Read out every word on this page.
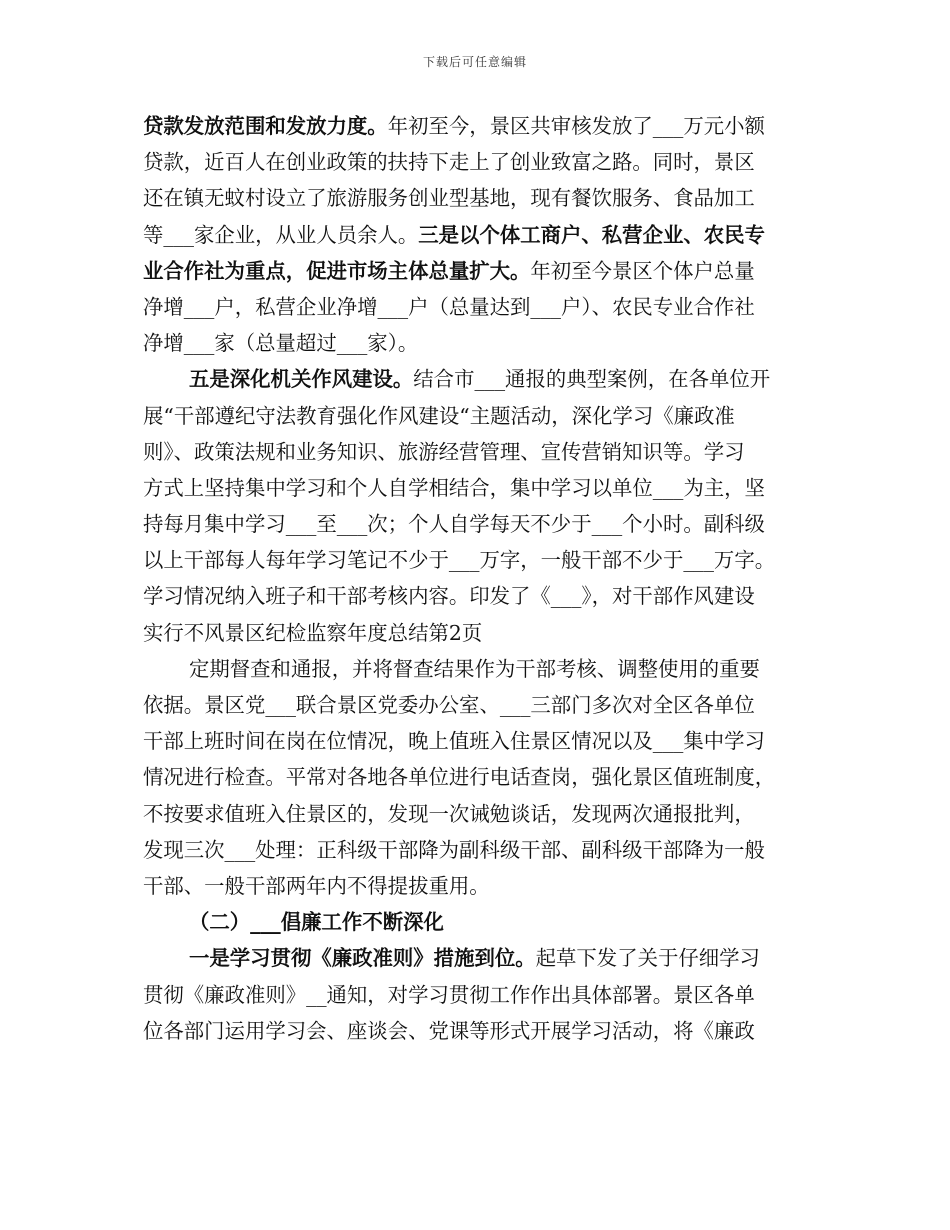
下载后可任意编辑
贷款发放范围和发放力度。年初至今，景区共审核发放了___万元小额
贷款，近百人在创业政策的扶持下走上了创业致富之路。同时，景区
还在镇无蚊村设立了旅游服务创业型基地，现有餐饮服务、食品加工
等___家企业，从业人员余人。三是以个体工商户、私营企业、农民专
业合作社为重点，促进市场主体总量扩大。年初至今景区个体户总量
净增___户，私营企业净增___户（总量达到___户）、农民专业合作社
净增___家（总量超过___家）。
五是深化机关作风建设。结合市___通报的典型案例，在各单位开
展“干部遵纪守法教育强化作风建设“主题活动，深化学习《廉政准
则》、政策法规和业务知识、旅游经营管理、宣传营销知识等。学习
方式上坚持集中学习和个人自学相结合，集中学习以单位___为主，坚
持每月集中学习___至___次；个人自学每天不少于___个小时。副科级
以上干部每人每年学习笔记不少于___万字，一般干部不少于___万字。
学习情况纳入班子和干部考核内容。印发了《___》，对干部作风建设
实行不风景区纪检监察年度总结第2页
定期督查和通报，并将督查结果作为干部考核、调整使用的重要
依据。景区党___联合景区党委办公室、___三部门多次对全区各单位
干部上班时间在岗在位情况，晚上值班入住景区情况以及___集中学习
情况进行检查。平常对各地各单位进行电话查岗，强化景区值班制度，
不按要求值班入住景区的，发现一次诫勉谈话，发现两次通报批判，
发现三次___处理：正科级干部降为副科级干部、副科级干部降为一般
干部、一般干部两年内不得提拔重用。
（二）___倡廉工作不断深化
一是学习贯彻《廉政准则》措施到位。起草下发了关于仔细学习
贯彻《廉政准则》__通知，对学习贯彻工作作出具体部署。景区各单
位各部门运用学习会、座谈会、党课等形式开展学习活动，将《廉政
